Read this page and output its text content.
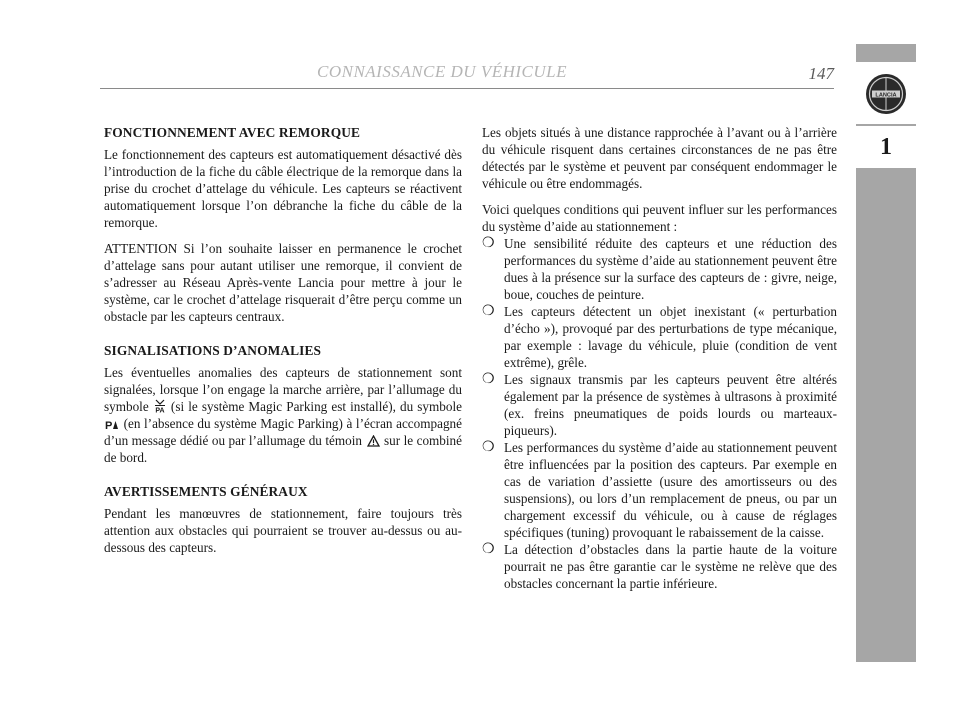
CONNAISSANCE DU VÉHICULE	147
LANCIA
1
FONCTIONNEMENT AVEC REMORQUE

Le fonctionnement des capteurs est automatiquement désactivé dès l’introduction de la fiche du câble électrique de la remorque dans la prise du crochet d’attelage du véhicule. Les capteurs se réactivent automatiquement lorsque l’on débranche la fiche du câble de la remorque.

ATTENTION Si l’on souhaite laisser en permanence le crochet d’attelage sans pour autant utiliser une remorque, il convient de s’adresser au Réseau Après-vente Lancia pour mettre à jour le système, car le crochet d’attelage risquerait d’être perçu comme un obstacle par les capteurs centraux.

SIGNALISATIONS D’ANOMALIES

Les éventuelles anomalies des capteurs de stationnement sont signalées, lorsque l’on engage la marche arrière, par l’allumage du symbole PA (si le système Magic Parking est installé), du symbole
P (en l’absence du système Magic Parking) à l’écran accompagné d’un message dédié ou par l’allumage du témoin sur le combiné de bord.

AVERTISSEMENTS GÉNÉRAUX

Pendant les manœuvres de stationnement, faire toujours très attention aux obstacles qui pourraient se trouver au-dessus ou au-dessous des capteurs.

Les objets situés à une distance rapprochée à l’avant ou à l’arrière du véhicule risquent dans certaines circonstances de ne pas être détectés par le système et peuvent par conséquent endommager le véhicule ou être endommagés.

Voici quelques conditions qui peuvent influer sur les performances du système d’aide au stationnement :

❍ Une sensibilité réduite des capteurs et une réduction des performances du système d’aide au stationnement peuvent être dues à la présence sur la surface des capteurs de : givre, neige, boue, couches de peinture.
❍ Les capteurs détectent un objet inexistant (« perturbation d’écho »), provoqué par des perturbations de type mécanique, par exemple : lavage du véhicule, pluie (condition de vent extrême), grêle.
❍ Les signaux transmis par les capteurs peuvent être altérés également par la présence de systèmes à ultrasons à proximité (ex. freins pneumatiques de poids lourds ou marteaux-piqueurs).
❍ Les performances du système d’aide au stationnement peuvent être influencées par la position des capteurs. Par exemple en cas de variation d’assiette (usure des amortisseurs ou des suspensions), ou lors d’un remplacement de pneus, ou par un chargement excessif du véhicule, ou à cause de réglages spécifiques (tuning) provoquant le rabaissement de la caisse.
❍ La détection d’obstacles dans la partie haute de la voiture pourrait ne pas être garantie car le système ne relève que des obstacles concernant la partie inférieure.
